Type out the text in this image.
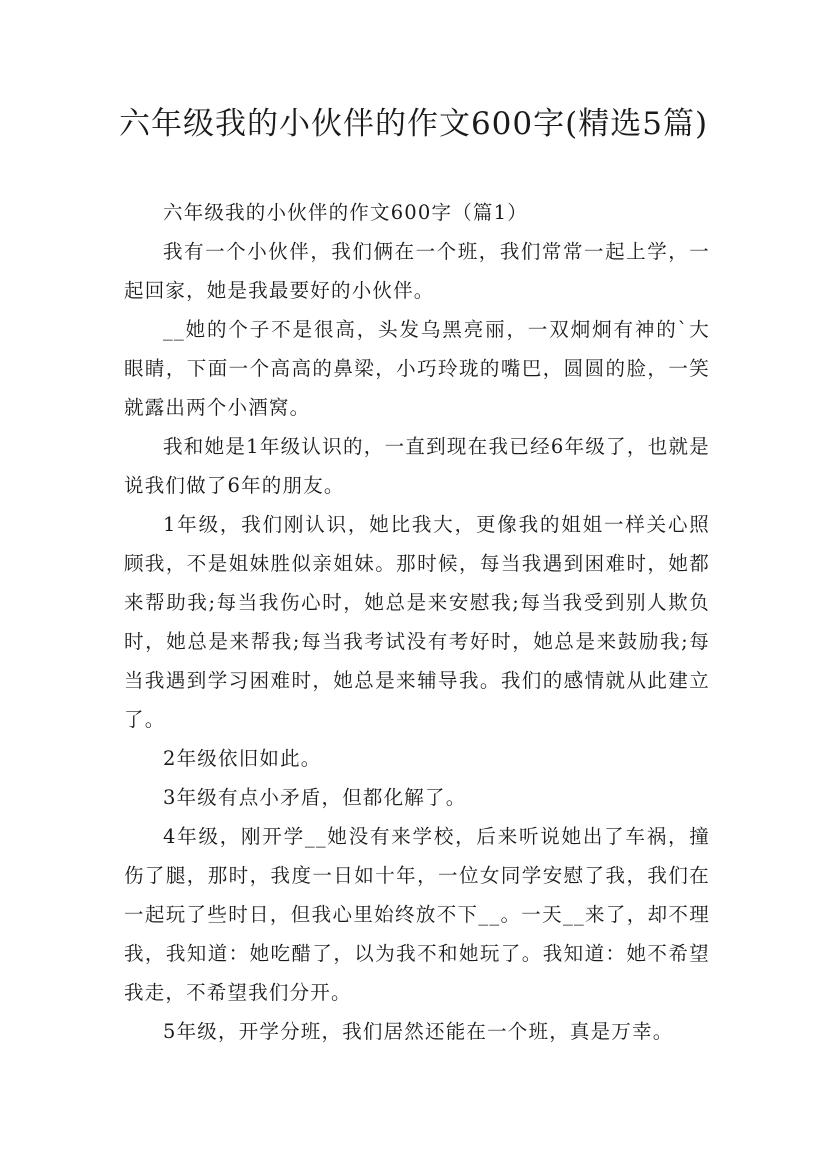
六年级我的小伙伴的作文600字(精选5篇)

六年级我的小伙伴的作文600字（篇1）

我有一个小伙伴，我们俩在一个班，我们常常一起上学，一起回家，她是我最要好的小伙伴。

__她的个子不是很高，头发乌黑亮丽，一双炯炯有神的`大眼睛，下面一个高高的鼻梁，小巧玲珑的嘴巴，圆圆的脸，一笑就露出两个小酒窝。

我和她是1年级认识的，一直到现在我已经6年级了，也就是说我们做了6年的朋友。

1年级，我们刚认识，她比我大，更像我的姐姐一样关心照顾我，不是姐妹胜似亲姐妹。那时候，每当我遇到困难时，她都来帮助我;每当我伤心时，她总是来安慰我;每当我受到别人欺负时，她总是来帮我;每当我考试没有考好时，她总是来鼓励我;每当我遇到学习困难时，她总是来辅导我。我们的感情就从此建立了。

2年级依旧如此。

3年级有点小矛盾，但都化解了。

4年级，刚开学__她没有来学校，后来听说她出了车祸，撞伤了腿，那时，我度一日如十年，一位女同学安慰了我，我们在一起玩了些时日，但我心里始终放不下__。一天__来了，却不理我，我知道：她吃醋了，以为我不和她玩了。我知道：她不希望我走，不希望我们分开。

5年级，开学分班，我们居然还能在一个班，真是万幸。
